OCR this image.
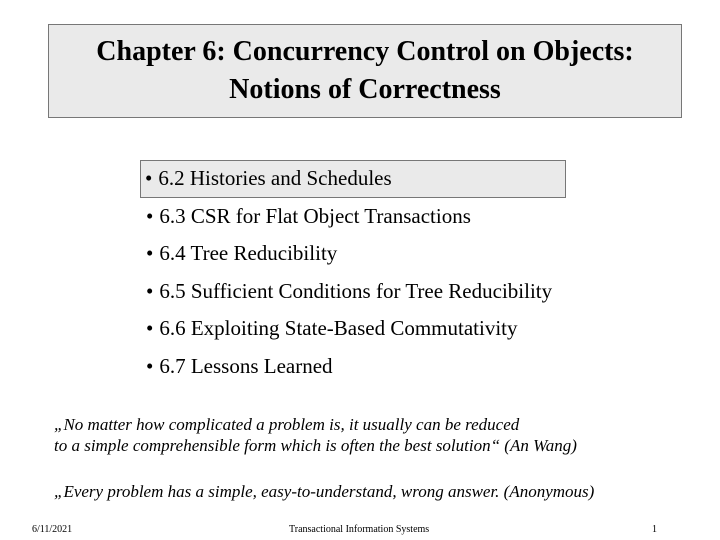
Chapter 6: Concurrency Control on Objects:
Notions of Correctness
• 6.2 Histories and Schedules
• 6.3 CSR for Flat Object Transactions
• 6.4 Tree Reducibility
• 6.5 Sufficient Conditions for Tree Reducibility
• 6.6 Exploiting State-Based Commutativity
• 6.7 Lessons Learned
„No matter how complicated a problem is, it usually can be reduced
to a simple comprehensible form which is often the best solution“ (An Wang)
„Every problem has a simple, easy-to-understand, wrong answer. (Anonymous)
6/11/2021	Transactional Information Systems	1
